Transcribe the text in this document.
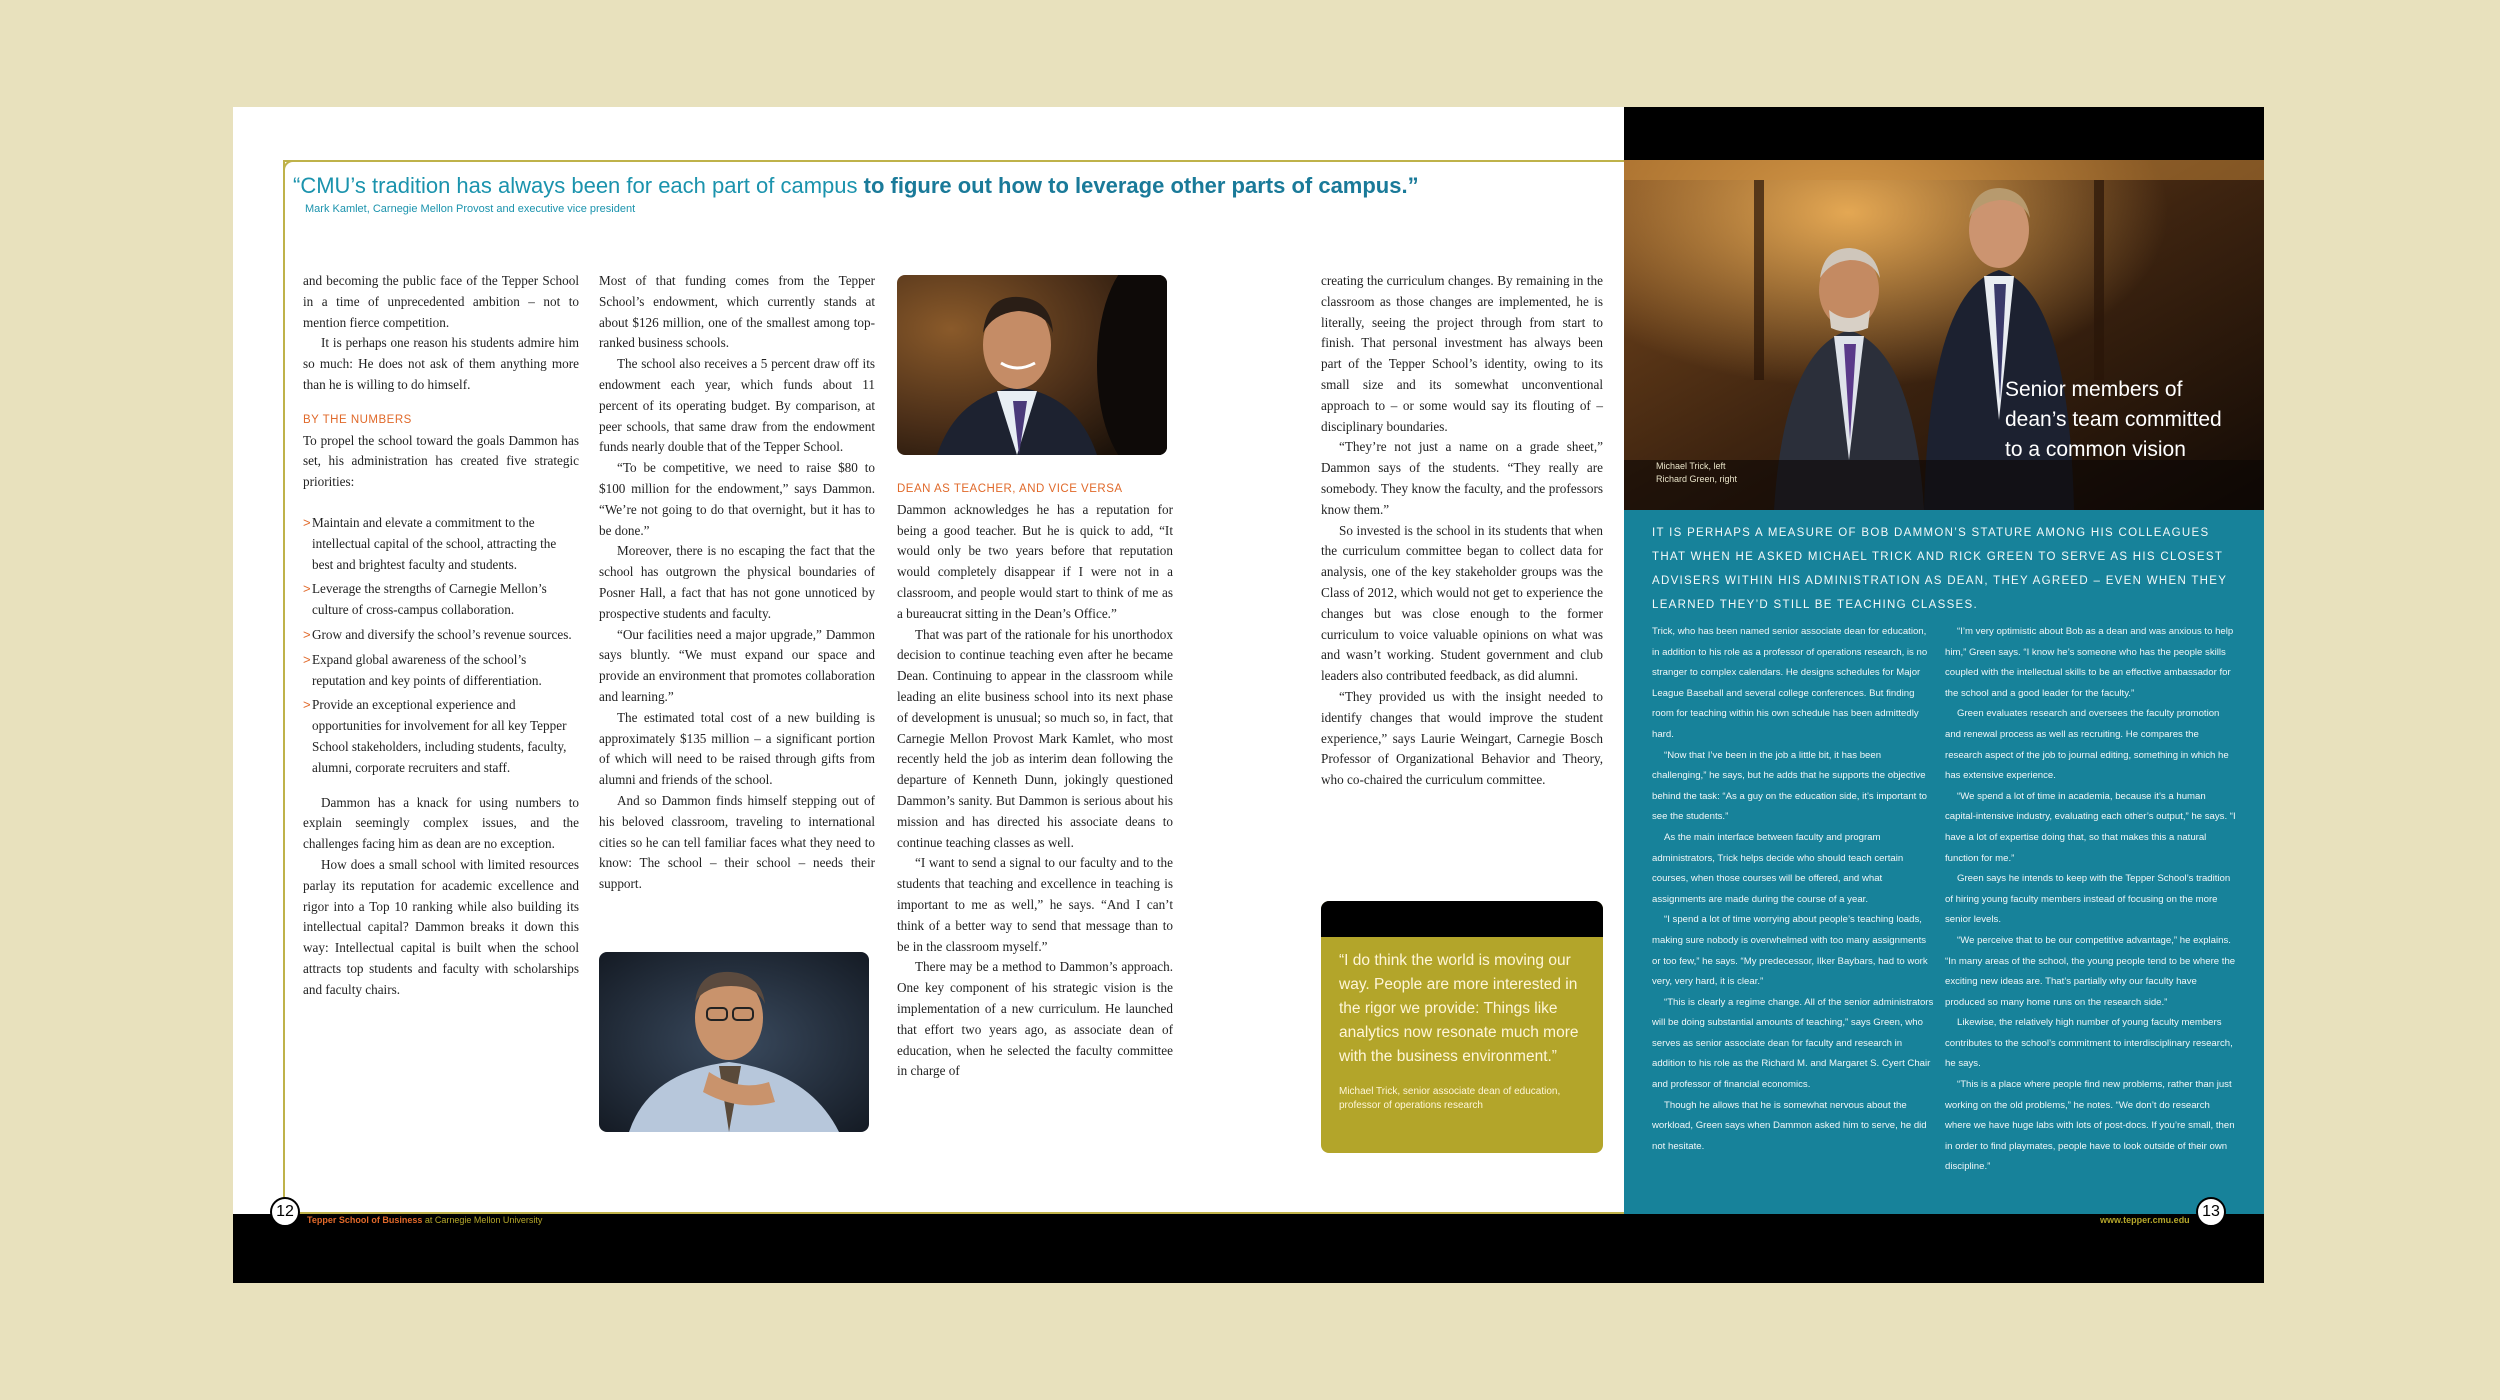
“CMU’s tradition has always been for each part of campus to figure out how to leverage other parts of campus.”
Mark Kamlet, Carnegie Mellon Provost and executive vice president

and becoming the public face of the Tepper School in a time of unprecedented ambition – not to mention fierce competition.

It is perhaps one reason his students admire him so much: He does not ask of them anything more than he is willing to do himself.

BY THE NUMBERS

To propel the school toward the goals Dammon has set, his administration has created five strategic priorities:

> Maintain and elevate a commitment to the intellectual capital of the school, attracting the best and brightest faculty and students.
> Leverage the strengths of Carnegie Mellon’s culture of cross-campus collaboration.
> Grow and diversify the school’s revenue sources.
> Expand global awareness of the school’s reputation and key points of differentiation.
> Provide an exceptional experience and opportunities for involvement for all key Tepper School stakeholders, including students, faculty, alumni, corporate recruiters and staff.

Dammon has a knack for using numbers to explain seemingly complex issues, and the challenges facing him as dean are no exception.

How does a small school with limited resources parlay its reputation for academic excellence and rigor into a Top 10 ranking while also building its intellectual capital? Dammon breaks it down this way: Intellectual capital is built when the school attracts top students and faculty with scholarships and faculty chairs.

Most of that funding comes from the Tepper School’s endowment, which currently stands at about $126 million, one of the smallest among top-ranked business schools.

The school also receives a 5 percent draw off its endowment each year, which funds about 11 percent of its operating budget. By comparison, at peer schools, that same draw from the endowment funds nearly double that of the Tepper School.

“To be competitive, we need to raise $80 to $100 million for the endowment,” says Dammon. “We’re not going to do that overnight, but it has to be done.”

Moreover, there is no escaping the fact that the school has outgrown the physical boundaries of Posner Hall, a fact that has not gone unnoticed by prospective students and faculty.

“Our facilities need a major upgrade,” Dammon says bluntly. “We must expand our space and provide an environment that promotes collaboration and learning.”

The estimated total cost of a new building is approximately $135 million – a significant portion of which will need to be raised through gifts from alumni and friends of the school.

And so Dammon finds himself stepping out of his beloved classroom, traveling to international cities so he can tell familiar faces what they need to know: The school – their school – needs their support.

DEAN AS TEACHER, AND VICE VERSA

Dammon acknowledges he has a reputation for being a good teacher. But he is quick to add, “It would only be two years before that reputation would completely disappear if I were not in a classroom, and people would start to think of me as a bureaucrat sitting in the Dean’s Office.”

That was part of the rationale for his unorthodox decision to continue teaching even after he became Dean. Continuing to appear in the classroom while leading an elite business school into its next phase of development is unusual; so much so, in fact, that Carnegie Mellon Provost Mark Kamlet, who most recently held the job as interim dean following the departure of Kenneth Dunn, jokingly questioned Dammon’s sanity. But Dammon is serious about his mission and has directed his associate deans to continue teaching classes as well.

“I want to send a signal to our faculty and to the students that teaching and excellence in teaching is important to me as well,” he says. “And I can’t think of a better way to send that message than to be in the classroom myself.”

There may be a method to Dammon’s approach. One key component of his strategic vision is the implementation of a new curriculum. He launched that effort two years ago, as associate dean of education, when he selected the faculty committee in charge of

creating the curriculum changes. By remaining in the classroom as those changes are implemented, he is literally, seeing the project through from start to finish. That personal investment has always been part of the Tepper School’s identity, owing to its small size and its somewhat unconventional approach to – or some would say its flouting of – disciplinary boundaries.

“They’re not just a name on a grade sheet,” Dammon says of the students. “They really are somebody. They know the faculty, and the professors know them.”

So invested is the school in its students that when the curriculum committee began to collect data for analysis, one of the key stakeholder groups was the Class of 2012, which would not get to experience the changes but was close enough to the former curriculum to voice valuable opinions on what was and wasn’t working. Student government and club leaders also contributed feedback, as did alumni.

“They provided us with the insight needed to identify changes that would improve the student experience,” says Laurie Weingart, Carnegie Bosch Professor of Organizational Behavior and Theory, who co-chaired the curriculum committee.

“I do think the world is moving our way. People are more interested in the rigor we provide: Things like analytics now resonate much more with the business environment.”
Michael Trick, senior associate dean of education, professor of operations research
Senior members of
dean’s team committed
to a common vision
Michael Trick, left
Richard Green, right
IT IS PERHAPS A MEASURE OF BOB DAMMON’S STATURE AMONG HIS COLLEAGUES THAT WHEN HE ASKED MICHAEL TRICK AND RICK GREEN TO SERVE AS HIS CLOSEST ADVISERS WITHIN HIS ADMINISTRATION AS DEAN, THEY AGREED – EVEN WHEN THEY LEARNED THEY’D STILL BE TEACHING CLASSES.

Trick, who has been named senior associate dean for education, in addition to his role as a professor of operations research, is no stranger to complex calendars. He designs schedules for Major League Baseball and several college conferences. But finding room for teaching within his own schedule has been admittedly hard.

“Now that I’ve been in the job a little bit, it has been challenging,” he says, but he adds that he supports the objective behind the task: “As a guy on the education side, it’s important to see the students.”

As the main interface between faculty and program administrators, Trick helps decide who should teach certain courses, when those courses will be offered, and what assignments are made during the course of a year.

“I spend a lot of time worrying about people’s teaching loads, making sure nobody is overwhelmed with too many assignments or too few,” he says. “My predecessor, Ilker Baybars, had to work very, very hard, it is clear.”

“This is clearly a regime change. All of the senior administrators will be doing substantial amounts of teaching,” says Green, who serves as senior associate dean for faculty and research in addition to his role as the Richard M. and Margaret S. Cyert Chair and professor of financial economics.

Though he allows that he is somewhat nervous about the workload, Green says when Dammon asked him to serve, he did not hesitate.

“I’m very optimistic about Bob as a dean and was anxious to help him,” Green says. “I know he’s someone who has the people skills coupled with the intellectual skills to be an effective ambassador for the school and a good leader for the faculty.”

Green evaluates research and oversees the faculty promotion and renewal process as well as recruiting. He compares the research aspect of the job to journal editing, something in which he has extensive experience.

“We spend a lot of time in academia, because it’s a human capital-intensive industry, evaluating each other’s output,” he says. “I have a lot of expertise doing that, so that makes this a natural function for me.”

Green says he intends to keep with the Tepper School’s tradition of hiring young faculty members instead of focusing on the more senior levels.

“We perceive that to be our competitive advantage,” he explains. “In many areas of the school, the young people tend to be where the exciting new ideas are. That’s partially why our faculty have produced so many home runs on the research side.”

Likewise, the relatively high number of young faculty members contributes to the school’s commitment to interdisciplinary research, he says.

“This is a place where people find new problems, rather than just working on the old problems,” he notes. “We don’t do research where we have huge labs with lots of post-docs. If you’re small, then in order to find playmates, people have to look outside of their own discipline.”

12	Tepper School of Business at Carnegie Mellon University	www.tepper.cmu.edu 13
